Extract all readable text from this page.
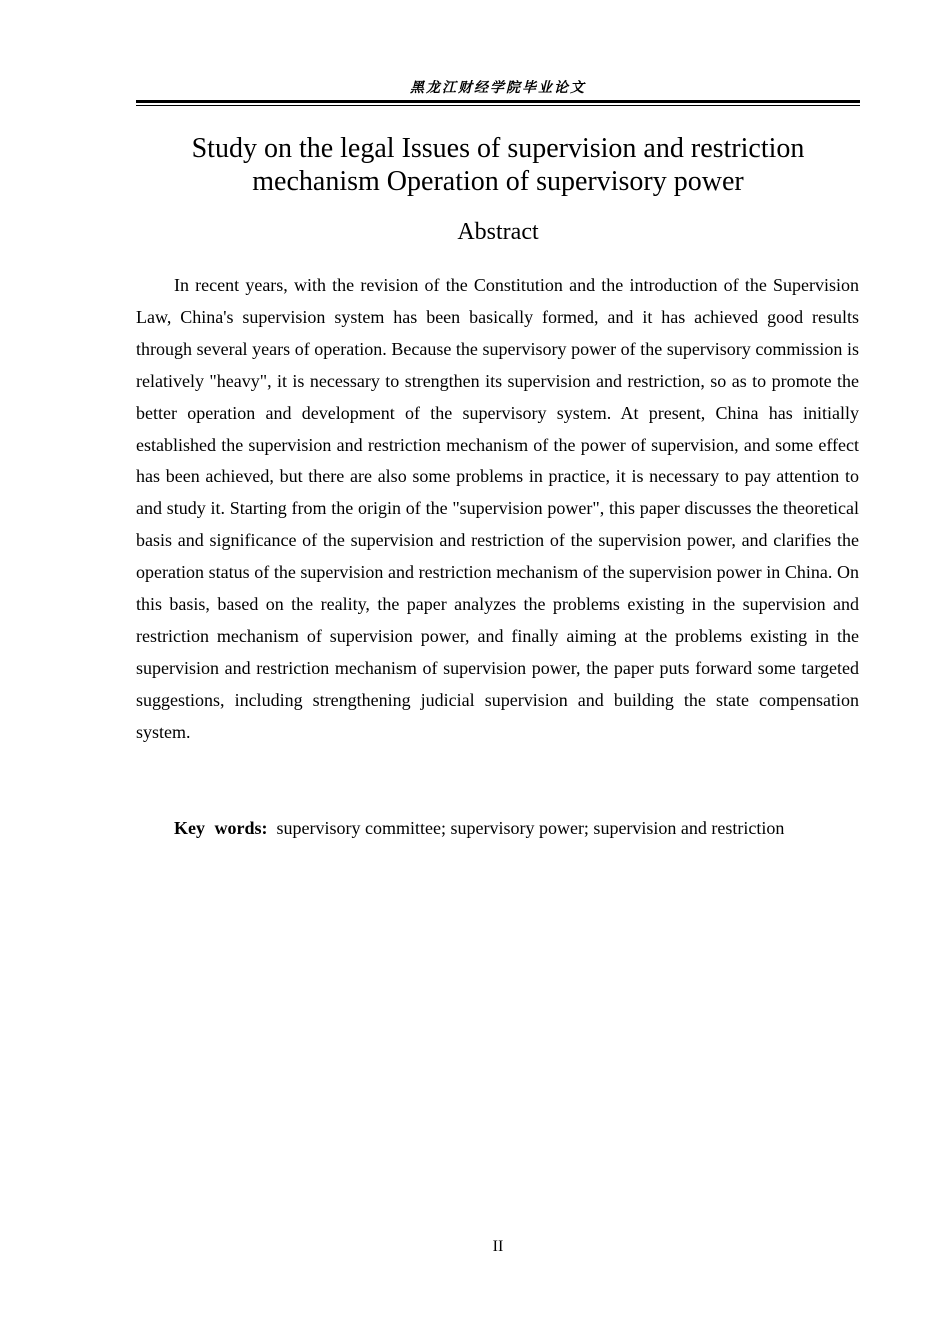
黑龙江财经学院毕业论文
Study on the legal Issues of supervision and restriction
mechanism Operation of supervisory power
Abstract

In recent years, with the revision of the Constitution and the introduction of the Supervision Law, China's supervision system has been basically formed, and it has achieved good results through several years of operation. Because the supervisory power of the supervisory commission is relatively "heavy", it is necessary to strengthen its supervision and restriction, so as to promote the better operation and development of the supervisory system. At present, China has initially established the supervision and restriction mechanism of the power of supervision, and some effect has been achieved, but there are also some problems in practice, it is necessary to pay attention to and study it. Starting from the origin of the "supervision power", this paper discusses the theoretical basis and significance of the supervision and restriction of the supervision power, and clarifies the operation status of the supervision and restriction mechanism of the supervision power in China. On this basis, based on the reality, the paper analyzes the problems existing in the supervision and restriction mechanism of supervision power, and finally aiming at the problems existing in the supervision and restriction mechanism of supervision power, the paper puts forward some targeted suggestions, including strengthening judicial supervision and building the state compensation system.

Key words: supervisory committee; supervisory power; supervision and restriction

II
